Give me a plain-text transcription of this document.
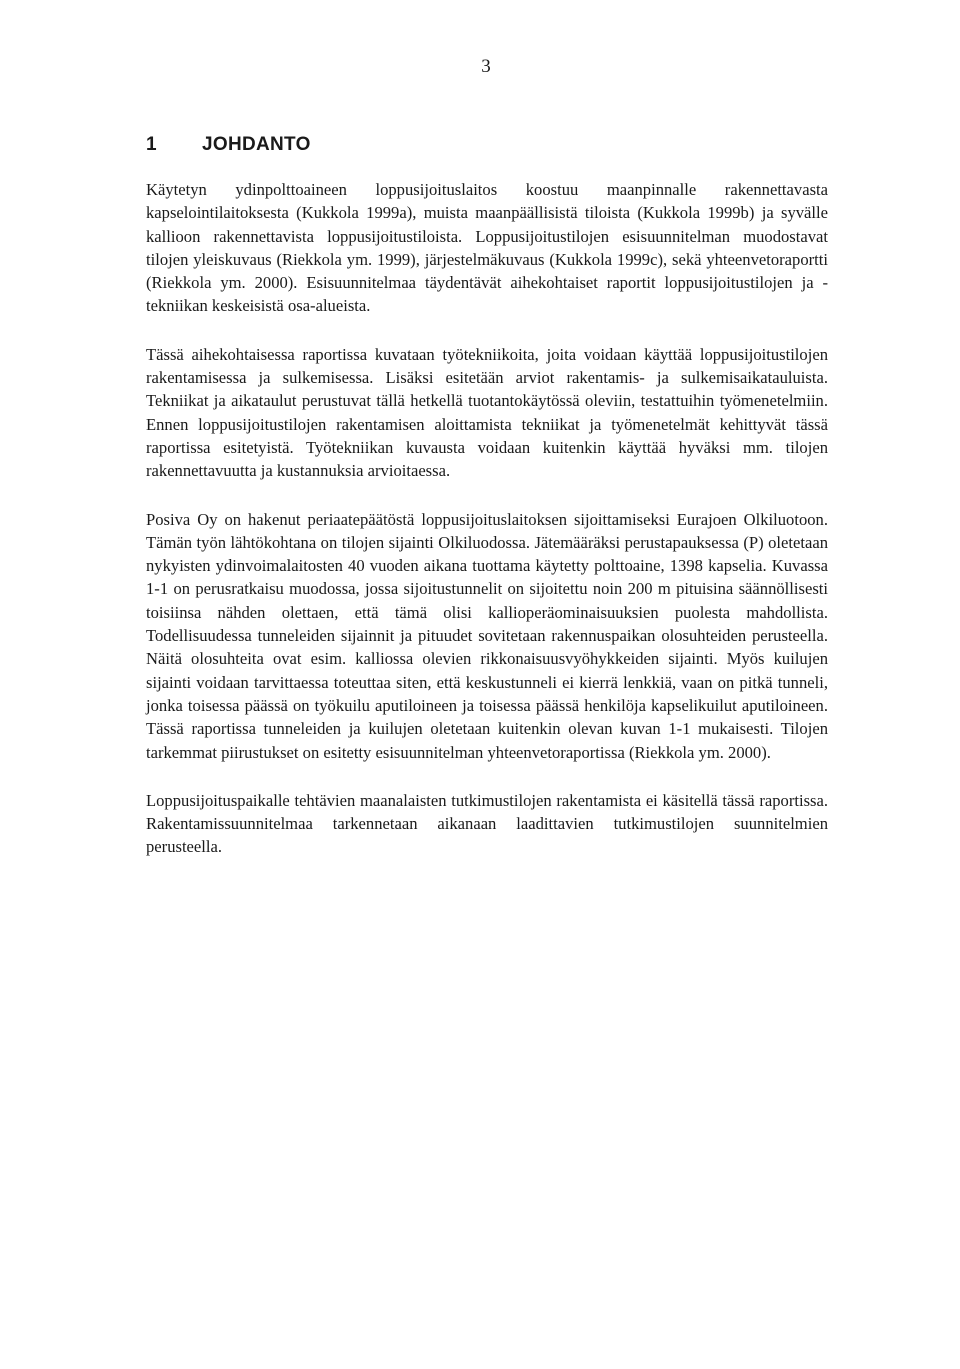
3
1 JOHDANTO

Käytetyn ydinpolttoaineen loppusijoituslaitos koostuu maanpinnalle rakennettavasta kapselointilaitoksesta (Kukkola 1999a), muista maanpäällisistä tiloista (Kukkola 1999b) ja syvälle kallioon rakennettavista loppusijoitustiloista. Loppusijoitustilojen esisuunnitelman muodostavat tilojen yleiskuvaus (Riekkola ym. 1999), järjestelmäkuvaus (Kukkola 1999c), sekä yhteenvetoraportti (Riekkola ym. 2000). Esisuunnitelmaa täydentävät aihekohtaiset raportit loppusijoitustilojen ja -tekniikan keskeisistä osa-alueista.

Tässä aihekohtaisessa raportissa kuvataan työtekniikoita, joita voidaan käyttää loppusijoitustilojen rakentamisessa ja sulkemisessa. Lisäksi esitetään arviot rakentamis- ja sulkemisaikatauluista. Tekniikat ja aikataulut perustuvat tällä hetkellä tuotantokäytössä oleviin, testattuihin työmenetelmiin. Ennen loppusijoitustilojen rakentamisen aloittamista tekniikat ja työmenetelmät kehittyvät tässä raportissa esitetyistä. Työtekniikan kuvausta voidaan kuitenkin käyttää hyväksi mm. tilojen rakennettavuutta ja kustannuksia arvioitaessa.

Posiva Oy on hakenut periaatepäätöstä loppusijoituslaitoksen sijoittamiseksi Eurajoen Olkiluotoon. Tämän työn lähtökohtana on tilojen sijainti Olkiluodossa. Jätemääräksi perustapauksessa (P) oletetaan nykyisten ydinvoimalaitosten 40 vuoden aikana tuottama käytetty polttoaine, 1398 kapselia. Kuvassa 1-1 on perusratkaisu muodossa, jossa sijoitustunnelit on sijoitettu noin 200 m pituisina säännöllisesti toisiinsa nähden olettaen, että tämä olisi kallioperäominaisuuksien puolesta mahdollista. Todellisuudessa tunneleiden sijainnit ja pituudet sovitetaan rakennuspaikan olosuhteiden perusteella. Näitä olosuhteita ovat esim. kalliossa olevien rikkonaisuusvyöhykkeiden sijainti. Myös kuilujen sijainti voidaan tarvittaessa toteuttaa siten, että keskustunneli ei kierrä lenkkiä, vaan on pitkä tunneli, jonka toisessa päässä on työkuilu aputiloineen ja toisessa päässä henkilöja kapselikuilut aputiloineen. Tässä raportissa tunneleiden ja kuilujen oletetaan kuitenkin olevan kuvan 1-1 mukaisesti. Tilojen tarkemmat piirustukset on esitetty esisuunnitelman yhteenvetoraportissa (Riekkola ym. 2000).

Loppusijoituspaikalle tehtävien maanalaisten tutkimustilojen rakentamista ei käsitellä tässä raportissa. Rakentamissuunnitelmaa tarkennetaan aikanaan laadittavien tutkimustilojen suunnitelmien perusteella.
